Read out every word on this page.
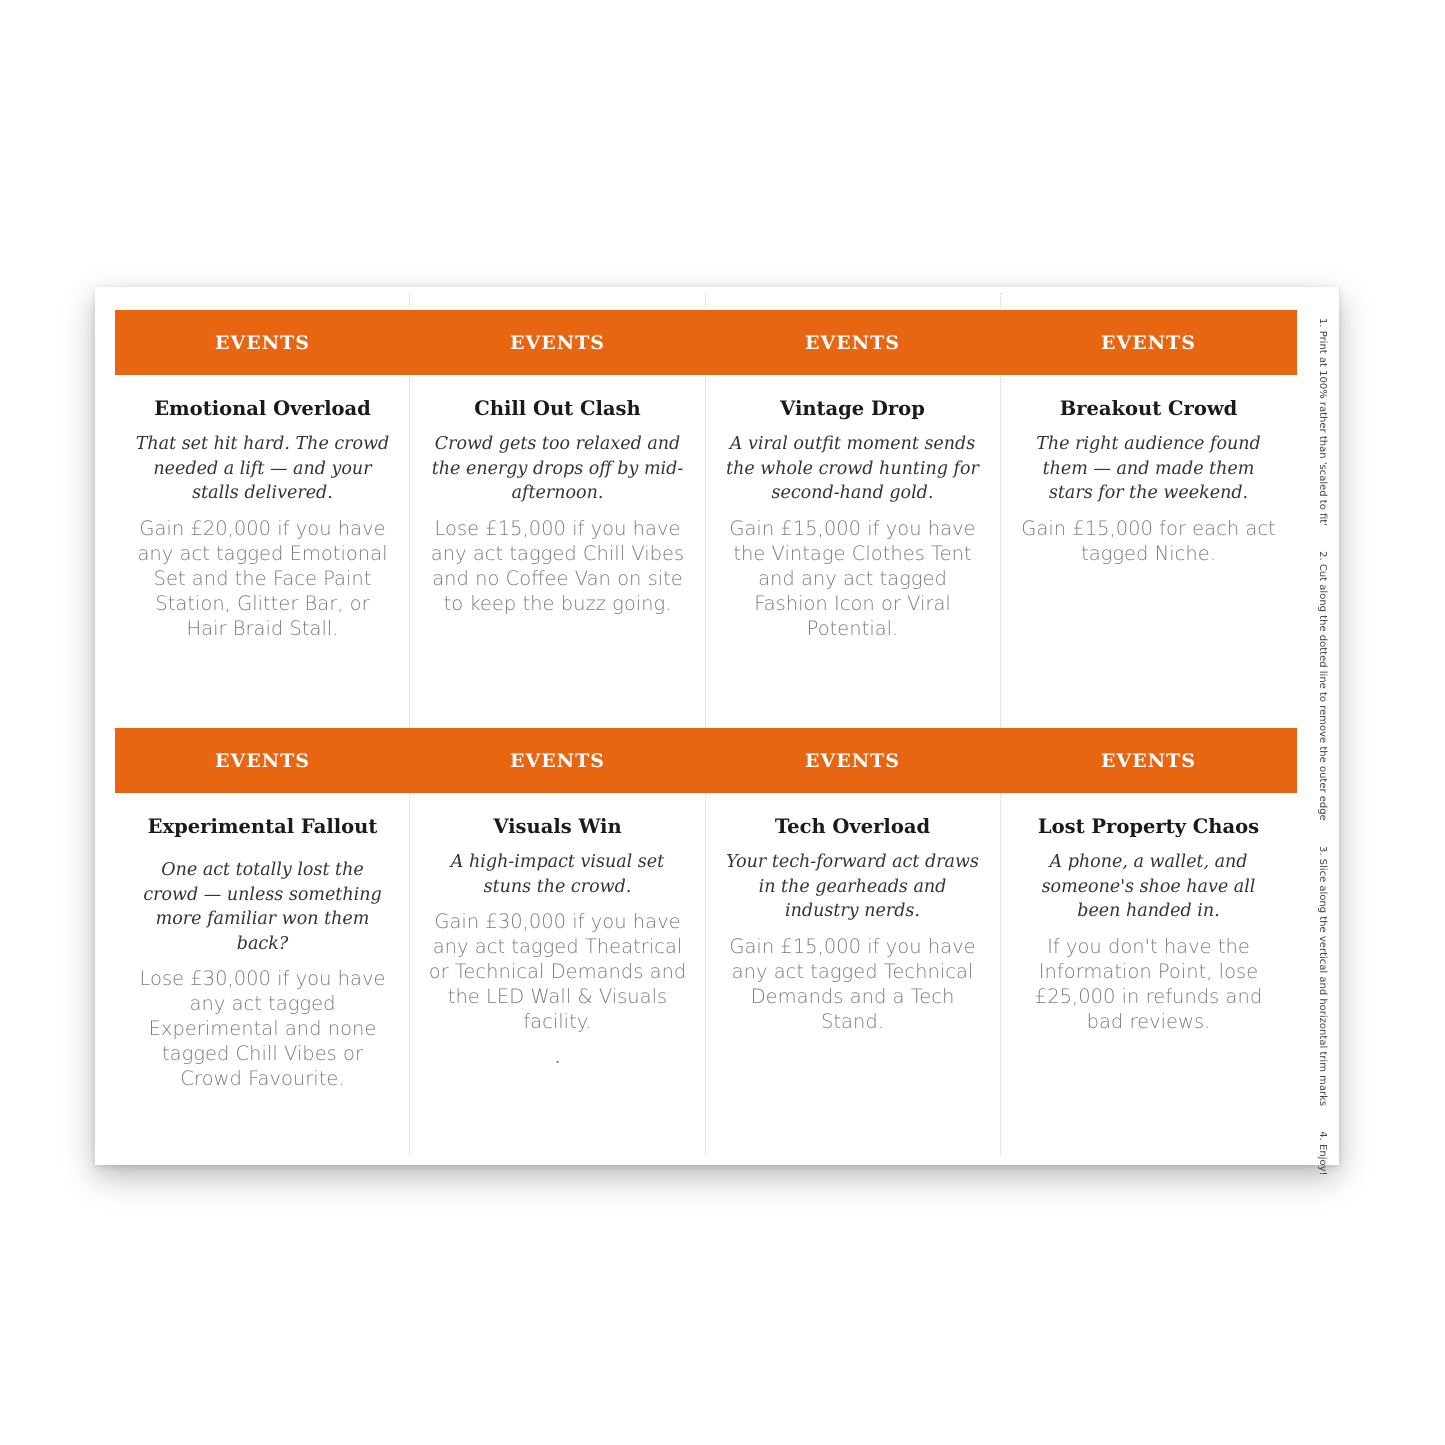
EVENTS
Emotional Overload
That set hit hard. The crowd needed a lift — and your stalls delivered.
Gain £20,000 if you have any act tagged Emotional Set and the Face Paint Station, Glitter Bar, or Hair Braid Stall.
EVENTS
Chill Out Clash
Crowd gets too relaxed and the energy drops off by mid-afternoon.
Lose £15,000 if you have any act tagged Chill Vibes and no Coffee Van on site to keep the buzz going.
EVENTS
Vintage Drop
A viral outfit moment sends the whole crowd hunting for second-hand gold.
Gain £15,000 if you have the Vintage Clothes Tent and any act tagged Fashion Icon or Viral Potential.
EVENTS
Breakout Crowd
The right audience found them — and made them stars for the weekend.
Gain £15,000 for each act tagged Niche.
EVENTS
Experimental Fallout
One act totally lost the crowd — unless something more familiar won them back?
Lose £30,000 if you have any act tagged Experimental and none tagged Chill Vibes or Crowd Favourite.
EVENTS
Visuals Win
A high-impact visual set stuns the crowd.
Gain £30,000 if you have any act tagged Theatrical or Technical Demands and the LED Wall & Visuals facility.
.
EVENTS
Tech Overload
Your tech-forward act draws in the gearheads and industry nerds.
Gain £15,000 if you have any act tagged Technical Demands and a Tech Stand.
EVENTS
Lost Property Chaos
A phone, a wallet, and someone's shoe have all been handed in.
If you don't have the Information Point, lose £25,000 in refunds and bad reviews.
1. Print at 100% rather than 'scaled to fit' 2. Cut along the dotted line to remove the outer edge 3. Slice along the vertical and horizontal trim marks 4. Enjoy!
